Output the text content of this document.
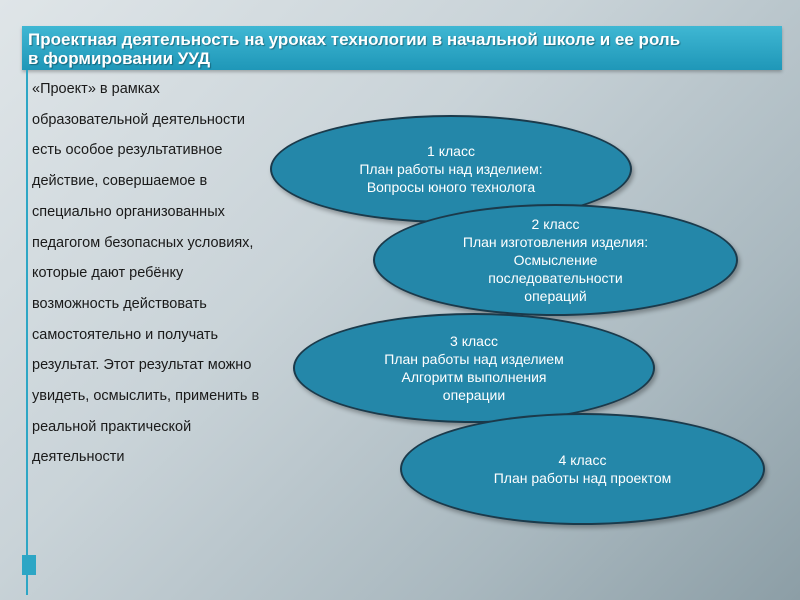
Проектная деятельность на уроках технологии в начальной школе и ее роль в формировании УУД

«Проект» в рамках образовательной деятельности есть особое результативное действие, совершаемое в специально организованных педагогом безопасных условиях, которые дают ребёнку возможность действовать самостоятельно и получать результат. Этот результат можно увидеть, осмыслить, применить в реальной практической деятельности

1 класс
План работы над изделием:
Вопросы юного технолога
2 класс
План изготовления изделия:
Осмысление
последовательности
операций
3 класс
План работы над изделием
Алгоритм выполнения
операции
4 класс
План работы над проектом
